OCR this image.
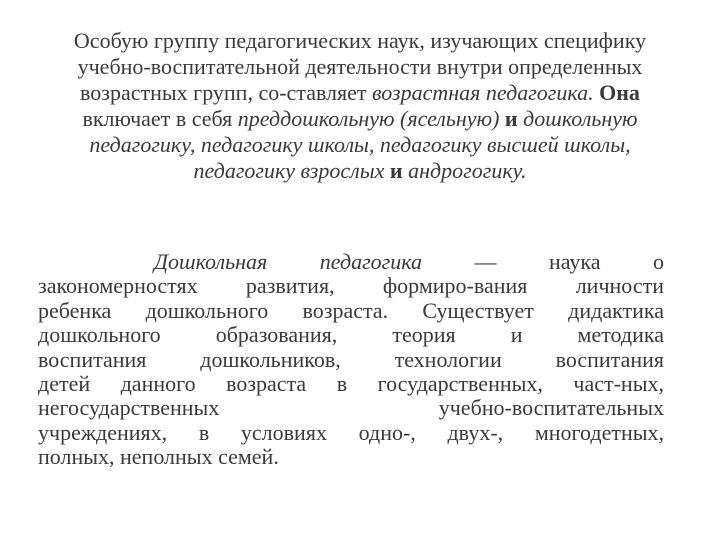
Особую группу педагогических наук, изучающих специфику учебно-воспитательной деятельности внутри определенных возрастных групп, со-ставляет возрастная педагогика. Она включает в себя преддошкольную (ясельную) и дошкольную педагогику, педагогику школы, педагогику высшей школы, педагогику взрослых и андрогогику.
Дошкольная педагогика — наука о
закономерностях развития, формиро-вания личности
ребенка дошкольного возраста. Существует дидактика
дошкольного образования, теория и методика
воспитания дошкольников, технологии воспитания
детей данного возраста в государственных, част-ных,
негосударственных учебно-воспитательных
учреждениях, в условиях одно-, двух-, многодетных,
полных, неполных семей.
